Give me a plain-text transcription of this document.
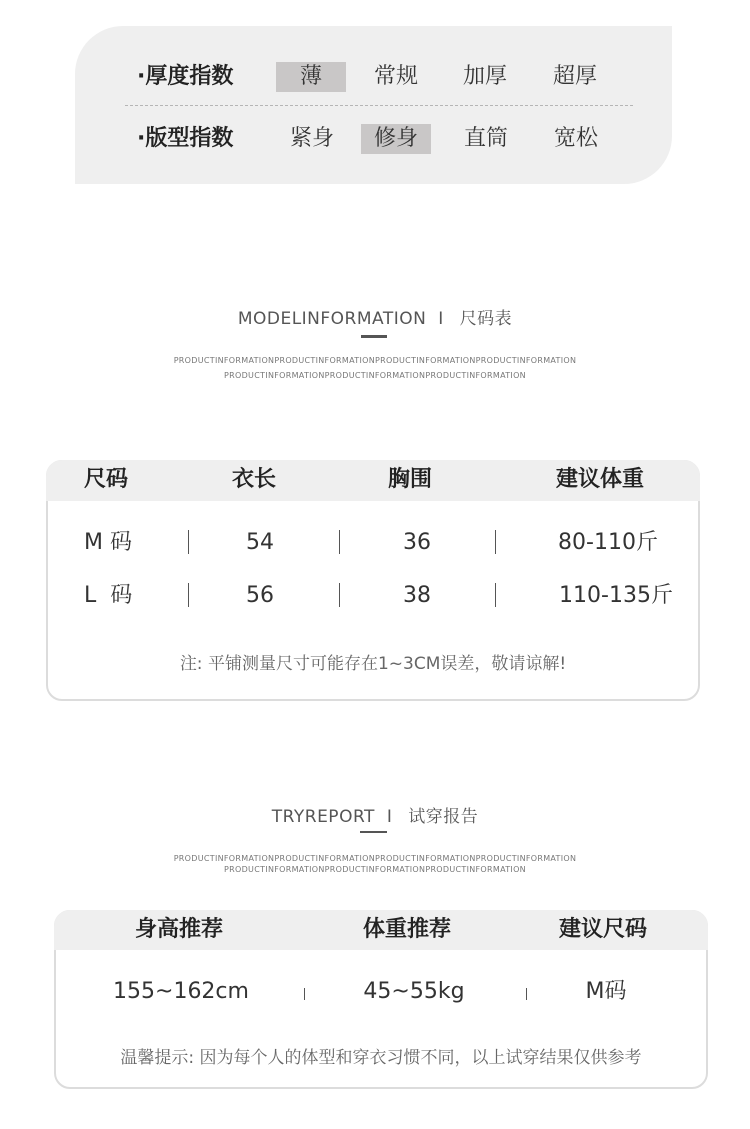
·厚度指数	薄	常规	加厚	超厚
·版型指数	紧身	修身	直筒	宽松
MODELINFORMATION I 尺码表
PRODUCTINFORMATIONPRODUCTINFORMATIONPRODUCTINFORMATIONPRODUCTINFORMATION
PRODUCTINFORMATIONPRODUCTINFORMATIONPRODUCTINFORMATION
尺码	衣长	胸围	建议体重
M 码	54	36	80-110斤
L  码	56	38	110-135斤
注: 平铺测量尺寸可能存在1~3CM误差，敬请谅解!
TRYREPORT I 试穿报告
PRODUCTINFORMATIONPRODUCTINFORMATIONPRODUCTINFORMATIONPRODUCTINFORMATION
PRODUCTINFORMATIONPRODUCTINFORMATIONPRODUCTINFORMATION
身高推荐	体重推荐	建议尺码
155~162cm	45~55kg	M码
温馨提示: 因为每个人的体型和穿衣习惯不同，以上试穿结果仅供参考
